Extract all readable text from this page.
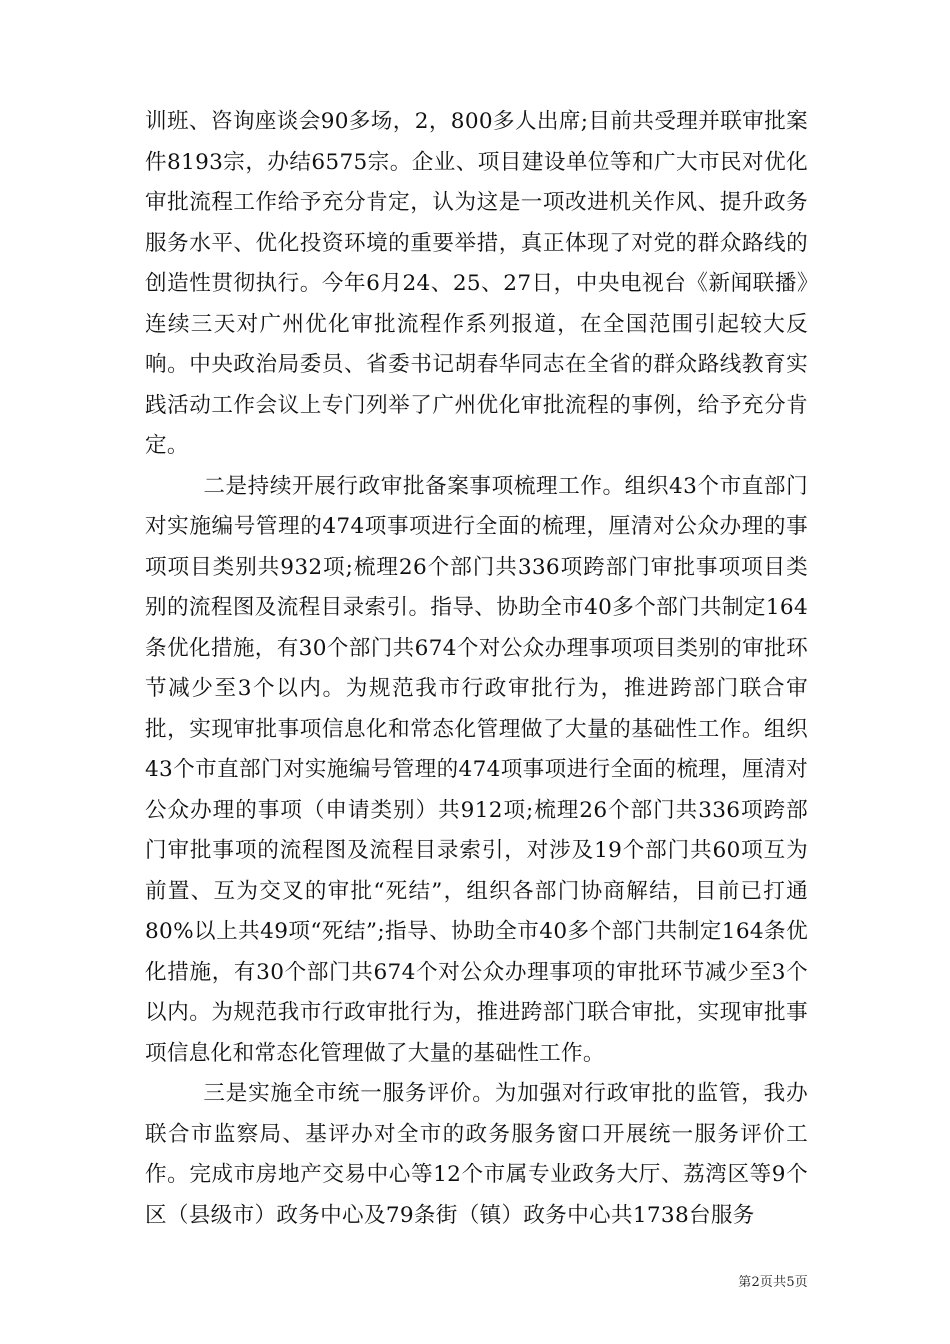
训班、咨询座谈会90多场，2，800多人出席;目前共受理并联审批案件8193宗，办结6575宗。企业、项目建设单位等和广大市民对优化审批流程工作给予充分肯定，认为这是一项改进机关作风、提升政务服务水平、优化投资环境的重要举措，真正体现了对党的群众路线的创造性贯彻执行。今年6月24、25、27日，中央电视台《新闻联播》连续三天对广州优化审批流程作系列报道，在全国范围引起较大反响。中央政治局委员、省委书记胡春华同志在全省的群众路线教育实践活动工作会议上专门列举了广州优化审批流程的事例，给予充分肯定。

二是持续开展行政审批备案事项梳理工作。组织43个市直部门对实施编号管理的474项事项进行全面的梳理，厘清对公众办理的事项项目类别共932项;梳理26个部门共336项跨部门审批事项项目类别的流程图及流程目录索引。指导、协助全市40多个部门共制定164条优化措施，有30个部门共674个对公众办理事项项目类别的审批环节减少至3个以内。为规范我市行政审批行为，推进跨部门联合审批，实现审批事项信息化和常态化管理做了大量的基础性工作。组织43个市直部门对实施编号管理的474项事项进行全面的梳理，厘清对公众办理的事项（申请类别）共912项;梳理26个部门共336项跨部门审批事项的流程图及流程目录索引，对涉及19个部门共60项互为前置、互为交叉的审批“死结”，组织各部门协商解结，目前已打通80%以上共49项“死结”;指导、协助全市40多个部门共制定164条优化措施，有30个部门共674个对公众办理事项的审批环节减少至3个以内。为规范我市行政审批行为，推进跨部门联合审批，实现审批事项信息化和常态化管理做了大量的基础性工作。

三是实施全市统一服务评价。为加强对行政审批的监管，我办联合市监察局、基评办对全市的政务服务窗口开展统一服务评价工作。完成市房地产交易中心等12个市属专业政务大厅、荔湾区等9个区（县级市）政务中心及79条街（镇）政务中心共1738台服务

第2页共5页
